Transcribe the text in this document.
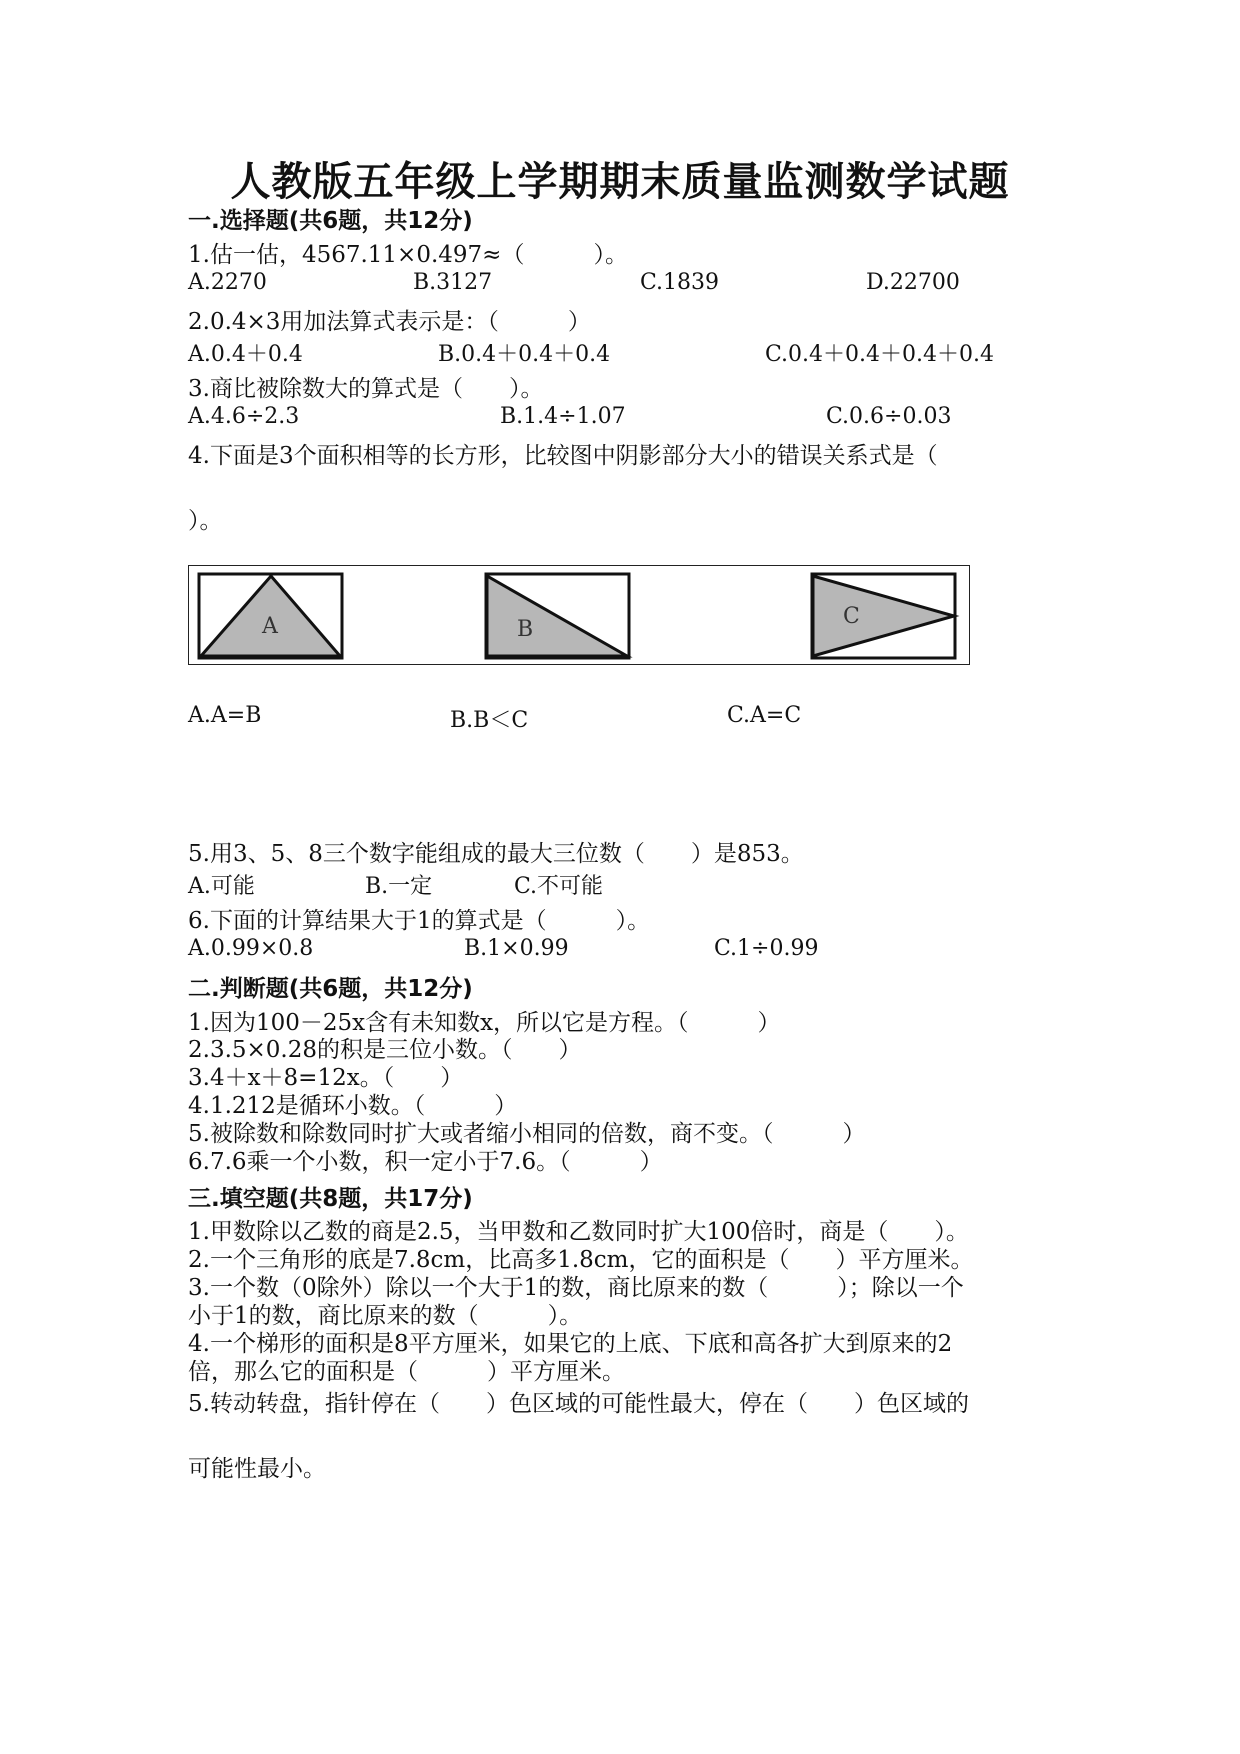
人教版五年级上学期期末质量监测数学试题
一.选择题(共6题，共12分)
1.估一估，4567.11×0.497≈（　　　）。
A.2270	B.3127	C.1839	D.22700
2.0.4×3用加法算式表示是：（　　　）
A.0.4＋0.4	B.0.4＋0.4＋0.4	C.0.4＋0.4＋0.4＋0.4
3.商比被除数大的算式是（　　）。
A.4.6÷2.3	B.1.4÷1.07	C.0.6÷0.03
4.下面是3个面积相等的长方形，比较图中阴影部分大小的错误关系式是（
）。
A	B
C
A.A=B	B.B＜C	C.A=C
5.用3、5、8三个数字能组成的最大三位数（　　）是853。
A.可能	B.一定	C.不可能
6.下面的计算结果大于1的算式是（　　　）。
A.0.99×0.8	B.1×0.99	C.1÷0.99
二.判断题(共6题，共12分)
1.因为100－25x含有未知数x，所以它是方程。（　　　）
2.3.5×0.28的积是三位小数。（　　）
3.4＋x＋8=12x。（　　）
4.1.212是循环小数。（　　　）
5.被除数和除数同时扩大或者缩小相同的倍数，商不变。（　　　）
6.7.6乘一个小数，积一定小于7.6。（　　　）
三.填空题(共8题，共17分)
1.甲数除以乙数的商是2.5，当甲数和乙数同时扩大100倍时，商是（　　）。
2.一个三角形的底是7.8cm，比高多1.8cm，它的面积是（　　）平方厘米。
3.一个数（0除外）除以一个大于1的数，商比原来的数（　　　）；除以一个
小于1的数，商比原来的数（　　　）。
4.一个梯形的面积是8平方厘米，如果它的上底、下底和高各扩大到原来的2
倍，那么它的面积是（　　　）平方厘米。
5.转动转盘，指针停在（　　）色区域的可能性最大，停在（　　）色区域的
可能性最小。
